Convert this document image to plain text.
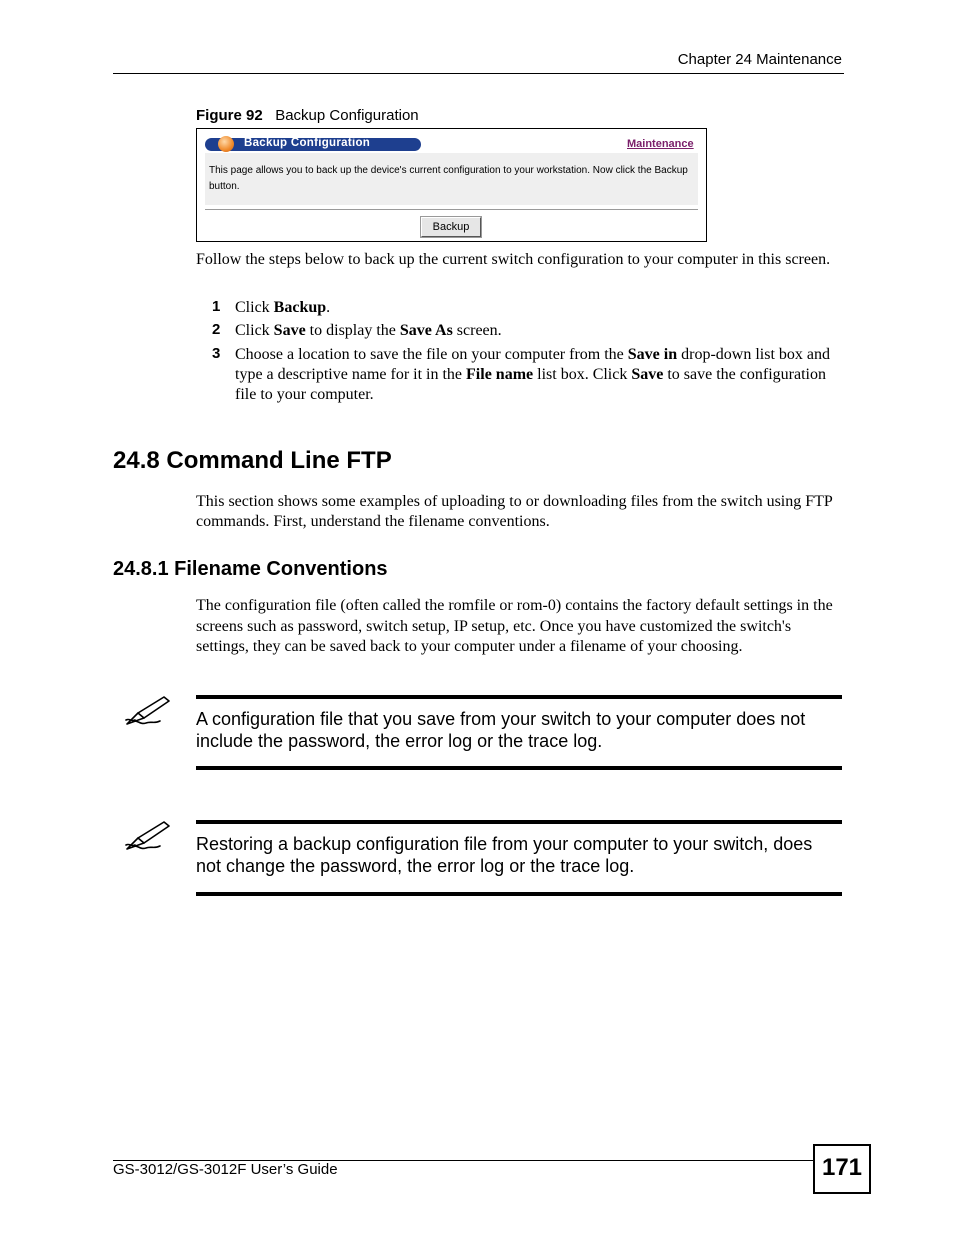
Chapter 24 Maintenance
Figure 92 Backup Configuration
Backup Configuration	Maintenance
This page allows you to back up the device's current configuration to your workstation. Now click the Backup button.
Backup
Follow the steps below to back up the current switch configuration to your computer in this screen.
1 Click Backup.
2 Click Save to display the Save As screen.
3 Choose a location to save the file on your computer from the Save in drop-down list box and type a descriptive name for it in the File name list box. Click Save to save the configuration file to your computer.
24.8 Command Line FTP
This section shows some examples of uploading to or downloading files from the switch using FTP commands. First, understand the filename conventions.
24.8.1 Filename Conventions
The configuration file (often called the romfile or rom-0) contains the factory default settings in the screens such as password, switch setup, IP setup, etc. Once you have customized the switch's settings, they can be saved back to your computer under a filename of your choosing.
A configuration file that you save from your switch to your computer does not include the password, the error log or the trace log.
Restoring a backup configuration file from your computer to your switch, does not change the password, the error log or the trace log.
GS-3012/GS-3012F User’s Guide	171
